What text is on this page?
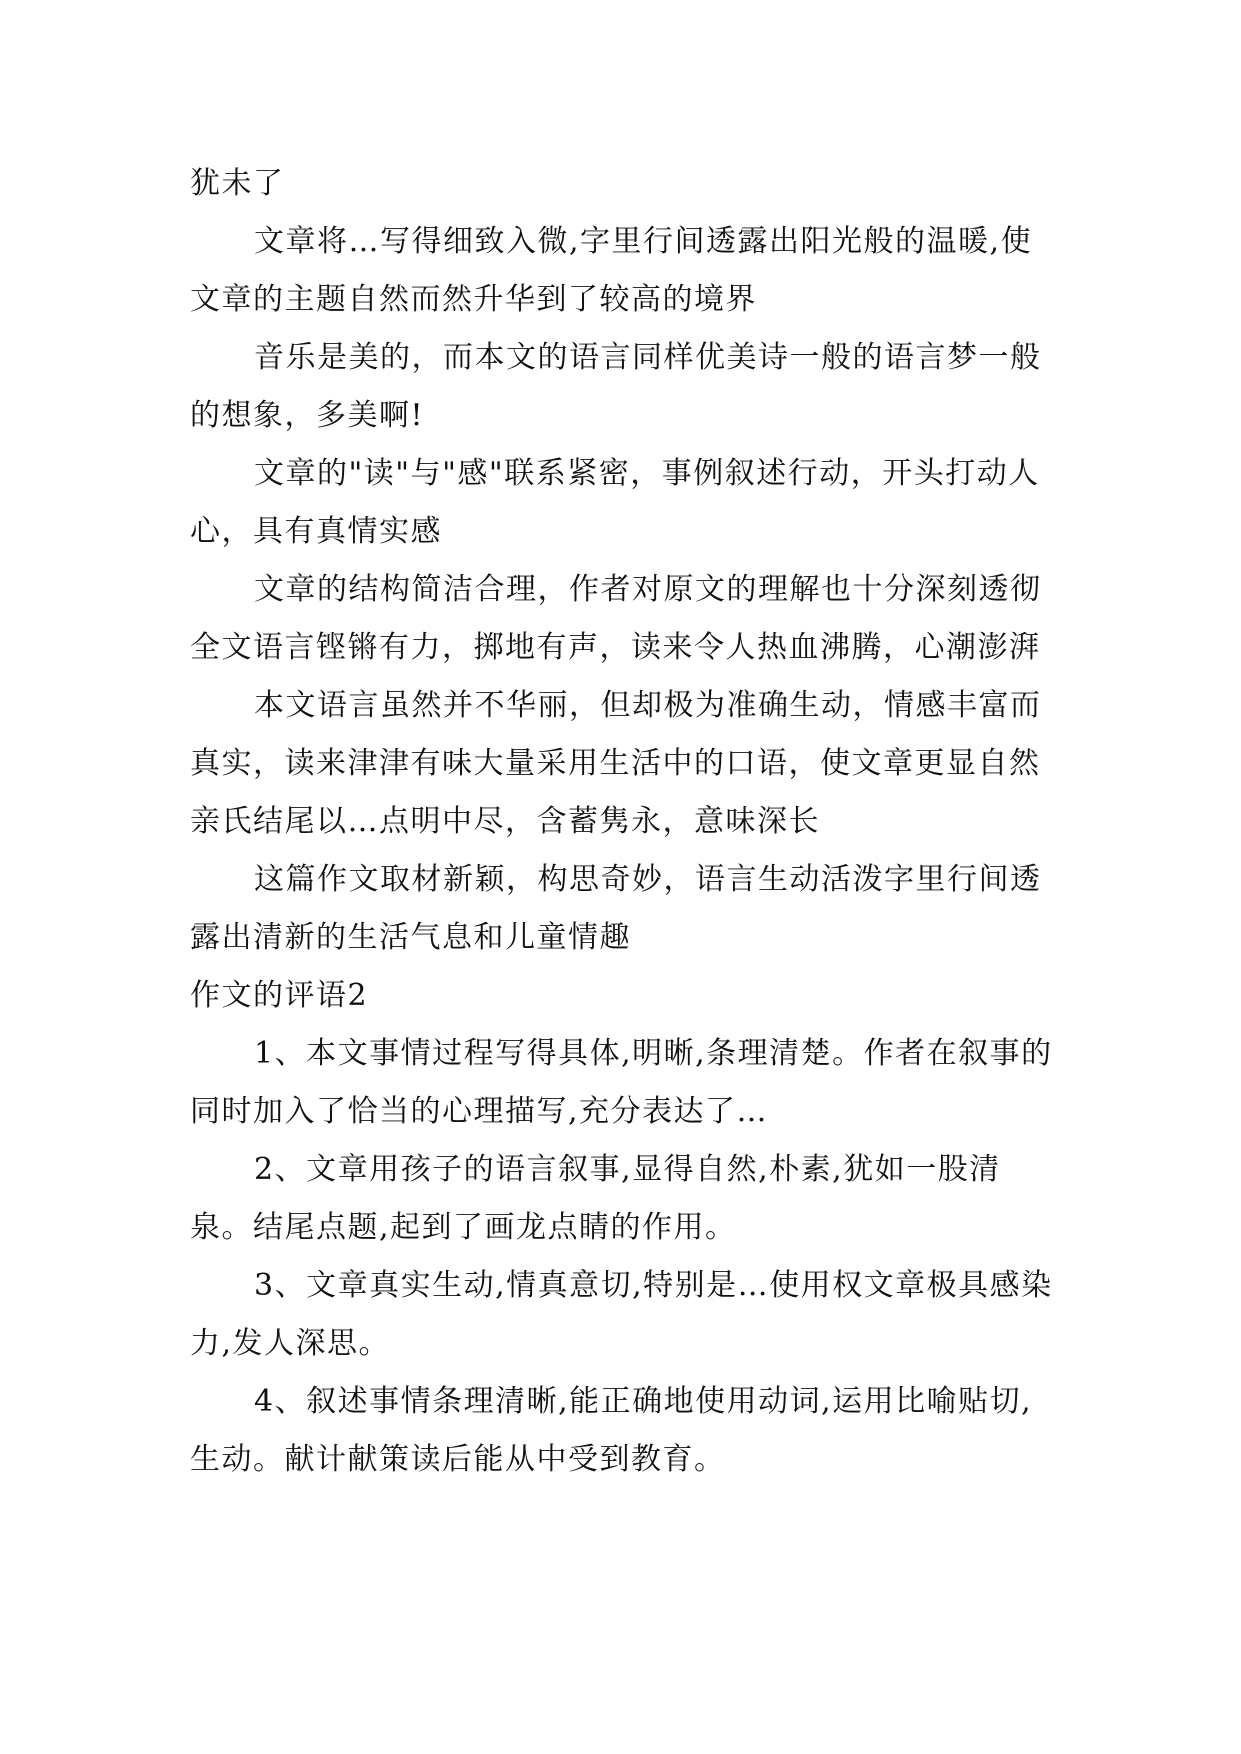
犹未了

文章将…写得细致入微,字里行间透露出阳光般的温暖,使文章的主题自然而然升华到了较高的境界

音乐是美的，而本文的语言同样优美诗一般的语言梦一般的想象，多美啊!

文章的"读"与"感"联系紧密，事例叙述行动，开头打动人心，具有真情实感

文章的结构简洁合理，作者对原文的理解也十分深刻透彻全文语言铿锵有力，掷地有声，读来令人热血沸腾，心潮澎湃

本文语言虽然并不华丽，但却极为准确生动，情感丰富而真实，读来津津有味大量采用生活中的口语，使文章更显自然亲氏结尾以…点明中尽，含蓄隽永，意味深长

这篇作文取材新颖，构思奇妙，语言生动活泼字里行间透露出清新的生活气息和儿童情趣

作文的评语2

1、本文事情过程写得具体,明晰,条理清楚。作者在叙事的同时加入了恰当的心理描写,充分表达了…

2、文章用孩子的语言叙事,显得自然,朴素,犹如一股清泉。结尾点题,起到了画龙点睛的作用。

3、文章真实生动,情真意切,特别是…使用权文章极具感染力,发人深思。

4、叙述事情条理清晰,能正确地使用动词,运用比喻贴切,生动。献计献策读后能从中受到教育。
